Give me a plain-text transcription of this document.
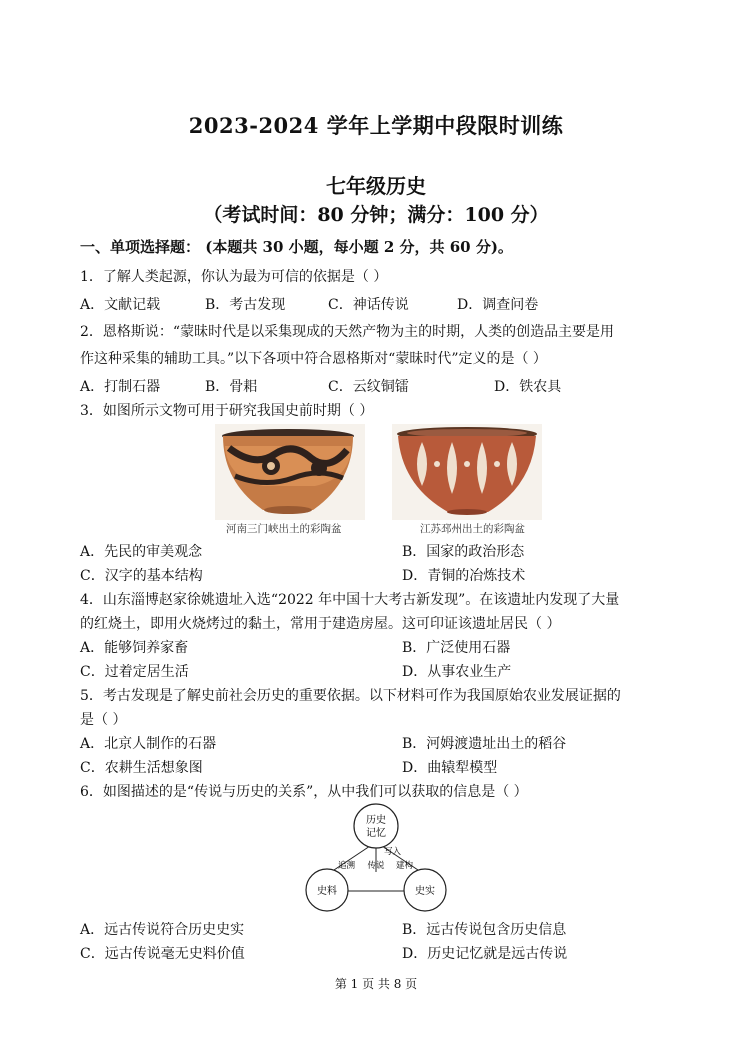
2023-2024 学年上学期中段限时训练
七年级历史
（考试时间：80 分钟；满分：100 分）
一、单项选择题： (本题共 30 小题，每小题 2 分，共 60 分)。
1．了解人类起源，你认为最为可信的依据是（ ）
A．文献记载	B．考古发现	C．神话传说	D．调查问卷
2．恩格斯说：“蒙昧时代是以采集现成的天然产物为主的时期，人类的创造品主要是用
作这种采集的辅助工具。”以下各项中符合恩格斯对“蒙昧时代”定义的是（ ）
A．打制石器	B．骨耜	C．云纹铜镭	D．铁农具
3．如图所示文物可用于研究我国史前时期（ ）
河南三门峡出土的彩陶盆	江苏邳州出土的彩陶盆
A．先民的审美观念	B．国家的政治形态
C．汉字的基本结构	D．青铜的冶炼技术
4．山东淄博赵家徐姚遗址入选“2022 年中国十大考古新发现”。在该遗址内发现了大量
的红烧土，即用火烧烤过的黏土，常用于建造房屋。这可印证该遗址居民（ ）
A．能够饲养家畜	B．广泛使用石器
C．过着定居生活	D．从事农业生产
5．考古发现是了解史前社会历史的重要依据。以下材料可作为我国原始农业发展证据的
是（ ）
A．北京人制作的石器	B．河姆渡遗址出土的稻谷
C．农耕生活想象图	D．曲辕犁模型
6．如图描述的是“传说与历史的关系”，从中我们可以获取的信息是（ ）
历史
记忆
史料	史实
写入
传说
追溯	建构
A．远古传说符合历史史实	B．远古传说包含历史信息
C．远古传说毫无史料价值	D．历史记忆就是远古传说
第 1 页 共 8 页
